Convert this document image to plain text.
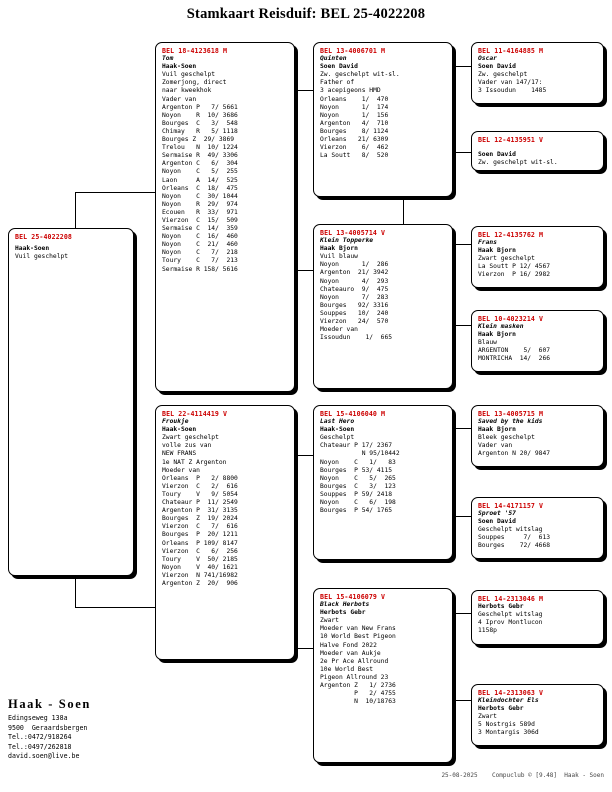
Stamkaart Reisduif: BEL 25-4022208
BEL 25-4022208
Haak-Soen
Vuil geschelpt
BEL 18-4123618 M
Tom
Haak-Soen
Vuil geschelpt
Zomerjong, direct
naar kweekhok
Vader van
Argenton P   7/ 5661
Noyon    R  10/ 3686
Bourges  C   3/  548
Chimay   R   5/ 1118
Bourges Z  29/ 3869
Trelou   N  10/ 1224
Sermaise R  49/ 3306
Argenton C   6/  304
Noyon    C   5/  255
Laon     A  14/  525
Orleans  C  18/  475
Noyon    C  30/ 1044
Noyon    R  29/  974
Ecouen   R  33/  971
Vierzon  C  15/  509
Sermaise C  14/  359
Noyon    C  16/  460
Noyon    C  21/  460
Noyon    C   7/  218
Toury    C   7/  213
Sermaise R 158/ 5616
BEL 22-4114419 V
Froukje
Haak-Soen
Zwart geschelpt
volle zus van
NEW FRANS
1e NAT Z Argenton
Moeder van
Orleans  P   2/ 8800
Vierzon  C   2/  616
Toury    V   9/ 5054
Chateaur P  11/ 2549
Argenton P  31/ 3135
Bourges  Z  19/ 2024
Vierzon  C   7/  616
Bourges  P  20/ 1211
Orleans  P 109/ 8147
Vierzon  C   6/  256
Toury    V  50/ 2185
Noyon    V  40/ 1621
Vierzon  N 741/16982
Argenton Z  20/  906
BEL 13-4006701 M
Quinten
Soen David
Zw. geschelpt wit-sl.
Father of
3 acepigeons HMD
Orleans    1/  470
Noyon      1/  174
Noyon      1/  156
Argenton   4/  710
Bourges    8/ 1124
Orleans   21/ 6309
Vierzon    6/  462
La Soutt   8/  520
BEL 13-4005714 V
Klein Topperke
Haak Bjorn
Vuil blauw
Noyon      1/  286
Argenton  21/ 3942
Noyon      4/  293
Chateauro  9/  475
Noyon      7/  283
Bourges   92/ 3316
Souppes   10/  240
Vierzon   24/  570
Moeder van
Issoudun    1/  665
BEL 15-4106040 M
Last Hero
Haak-Soen
Geschelpt
Chateaur P 17/ 2367
N 95/10442
Noyon    C   1/   83
Bourges  P 53/ 4115
Noyon    C   5/  265
Bourges  C   3/  123
Souppes  P 59/ 2418
Noyon    C   6/  198
Bourges  P 54/ 1765
BEL 15-4106079 V
Black Herbots
Herbots Gebr
Zwart
Moeder van New Frans
10 World Best Pigeon
Halve Fond 2022
Moeder van Aukje
2e Pr Ace Allround
10e World Best
Pigeon Allround 23
Argenton Z   1/ 2736
P   2/ 4755
N  10/18763
BEL 11-4164885 M
Oscar
Soen David
Zw. geschelpt
Vader van 147/17:
3 Issoudun    1485
BEL 12-4135951 V
Soen David
Zw. geschelpt wit-sl.
BEL 12-4135762 M
Frans
Haak Bjorn
Zwart geschelpt
La Soutt P 12/ 4567
Vierzon  P 16/ 2982
BEL 10-4023214 V
Klein masken
Haak Bjorn
Blauw
ARGENTON    5/  607
MONTRICHA  14/  266
BEL 13-4005715 M
Saved by the kids
Haak Bjorn
Bleek geschelpt
Vader van
Argenton N 20/ 9847
BEL 14-4171157 V
Sproet '57
Soen David
Geschelpt witslag
Souppes     7/  613
Bourges    72/ 4668
BEL 14-2313046 M
Herbots Gebr
Geschelpt witslag
4 Iprov Montlucon
1158p
BEL 14-2313063 V
Kleindochter Els
Herbots Gebr
Zwart
5 Nostrgis 589d
3 Montargis 306d
Haak - Soen
Edingseweg 138a
9500  Geraardsbergen
Tel.:0472/918264
Tel.:0497/262818
david.soen@live.be
25-08-2025    Compuclub © [9.48]  Haak - Soen
